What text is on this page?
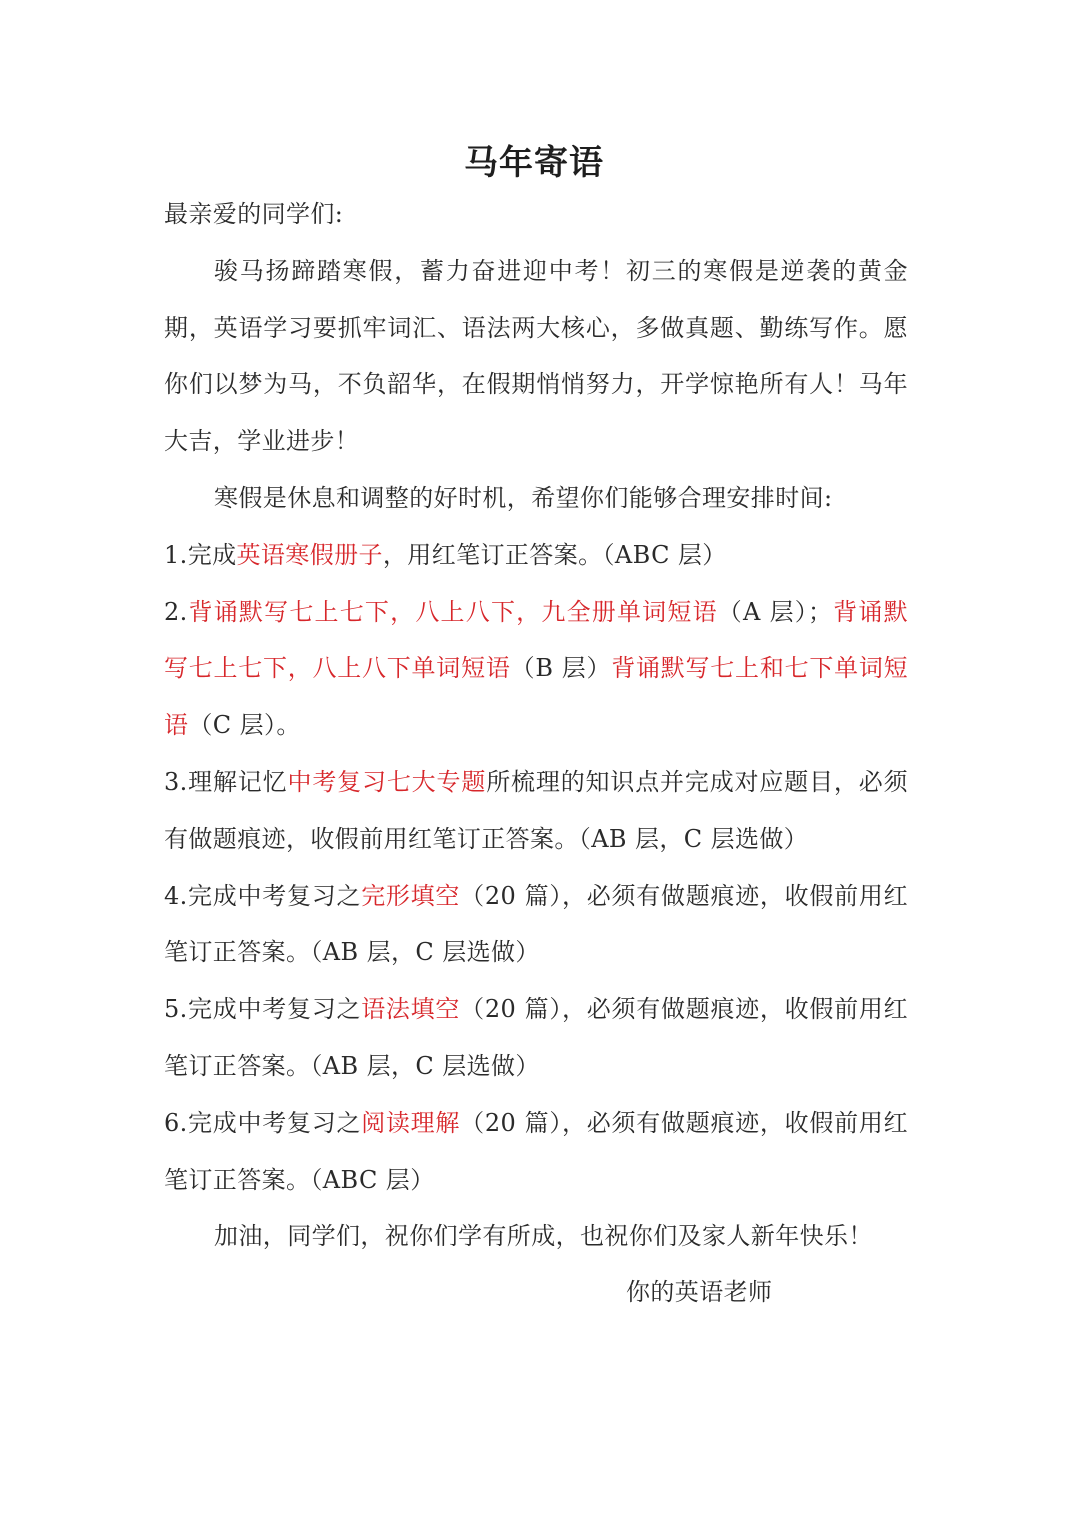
马年寄语

最亲爱的同学们:

骏马扬蹄踏寒假，蓄力奋进迎中考！初三的寒假是逆袭的黄金期，英语学习要抓牢词汇、语法两大核心，多做真题、勤练写作。愿你们以梦为马，不负韶华，在假期悄悄努力，开学惊艳所有人！马年大吉，学业进步！

寒假是休息和调整的好时机，希望你们能够合理安排时间:

1.完成英语寒假册子，用红笔订正答案。（ABC 层）

2.背诵默写七上七下，八上八下，九全册单词短语（A 层）；背诵默写七上七下，八上八下单词短语（B 层）背诵默写七上和七下单词短语（C 层）。

3.理解记忆中考复习七大专题所梳理的知识点并完成对应题目，必须有做题痕迹，收假前用红笔订正答案。（AB 层，C 层选做）

4.完成中考复习之完形填空（20 篇），必须有做题痕迹，收假前用红笔订正答案。（AB 层，C 层选做）

5.完成中考复习之语法填空（20 篇），必须有做题痕迹，收假前用红笔订正答案。（AB 层，C 层选做）

6.完成中考复习之阅读理解（20 篇），必须有做题痕迹，收假前用红笔订正答案。（ABC 层）

加油，同学们，祝你们学有所成，也祝你们及家人新年快乐！

你的英语老师
